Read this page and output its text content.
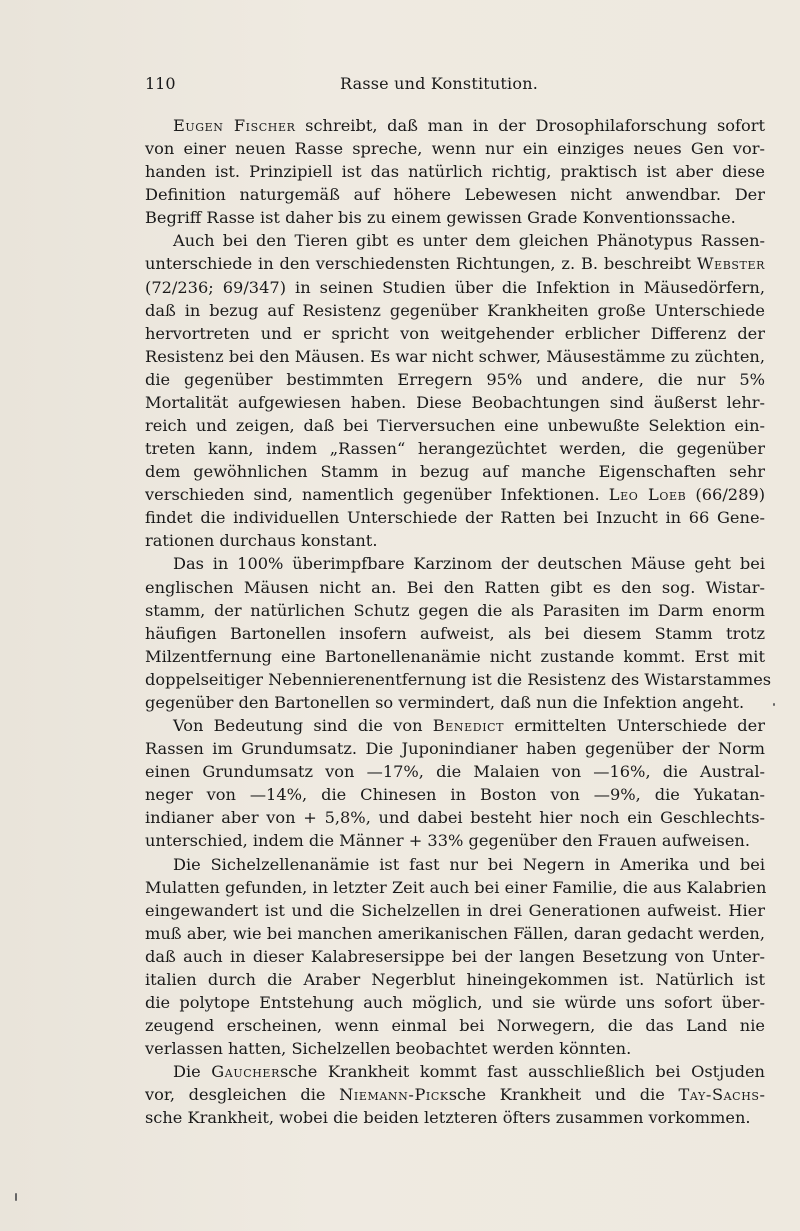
110	Rasse und Konstitution.
Eugen Fischer schreibt, daß man in der Drosophilaforschung sofort
von einer neuen Rasse spreche, wenn nur ein einziges neues Gen vor-
handen ist. Prinzipiell ist das natürlich richtig, praktisch ist aber diese
Definition naturgemäß auf höhere Lebewesen nicht anwendbar. Der
Begriff Rasse ist daher bis zu einem gewissen Grade Konventionssache.
Auch bei den Tieren gibt es unter dem gleichen Phänotypus Rassen-
unterschiede in den verschiedensten Richtungen, z. B. beschreibt Webster
(72/236; 69/347) in seinen Studien über die Infektion in Mäusedörfern,
daß in bezug auf Resistenz gegenüber Krankheiten große Unterschiede
hervortreten und er spricht von weitgehender erblicher Differenz der
Resistenz bei den Mäusen. Es war nicht schwer, Mäusestämme zu züchten,
die gegenüber bestimmten Erregern 95% und andere, die nur 5%
Mortalität aufgewiesen haben. Diese Beobachtungen sind äußerst lehr-
reich und zeigen, daß bei Tierversuchen eine unbewußte Selektion ein-
treten kann, indem „Rassen“ herangezüchtet werden, die gegenüber
dem gewöhnlichen Stamm in bezug auf manche Eigenschaften sehr
verschieden sind, namentlich gegenüber Infektionen. Leo Loeb (66/289)
findet die individuellen Unterschiede der Ratten bei Inzucht in 66 Gene-
rationen durchaus konstant.
Das in 100% überimpfbare Karzinom der deutschen Mäuse geht bei
englischen Mäusen nicht an. Bei den Ratten gibt es den sog. Wistar-
stamm, der natürlichen Schutz gegen die als Parasiten im Darm enorm
häufigen Bartonellen insofern aufweist, als bei diesem Stamm trotz
Milzentfernung eine Bartonellenanämie nicht zustande kommt. Erst mit
doppelseitiger Nebennierenentfernung ist die Resistenz des Wistarstammes
gegenüber den Bartonellen so vermindert, daß nun die Infektion angeht.
Von Bedeutung sind die von Benedict ermittelten Unterschiede der
Rassen im Grundumsatz. Die Juponindianer haben gegenüber der Norm
einen Grundumsatz von —17%, die Malaien von —16%, die Austral-
neger von —14%, die Chinesen in Boston von —9%, die Yukatan-
indianer aber von + 5,8%, und dabei besteht hier noch ein Geschlechts-
unterschied, indem die Männer + 33% gegenüber den Frauen aufweisen.
Die Sichelzellenanämie ist fast nur bei Negern in Amerika und bei
Mulatten gefunden, in letzter Zeit auch bei einer Familie, die aus Kalabrien
eingewandert ist und die Sichelzellen in drei Generationen aufweist. Hier
muß aber, wie bei manchen amerikanischen Fällen, daran gedacht werden,
daß auch in dieser Kalabresersippe bei der langen Besetzung von Unter-
italien durch die Araber Negerblut hineingekommen ist. Natürlich ist
die polytope Entstehung auch möglich, und sie würde uns sofort über-
zeugend erscheinen, wenn einmal bei Norwegern, die das Land nie
verlassen hatten, Sichelzellen beobachtet werden könnten.
Die Gauchersche Krankheit kommt fast ausschließlich bei Ostjuden
vor, desgleichen die Niemann-Picksche Krankheit und die Tay-Sachs-
sche Krankheit, wobei die beiden letzteren öfters zusammen vorkommen.
